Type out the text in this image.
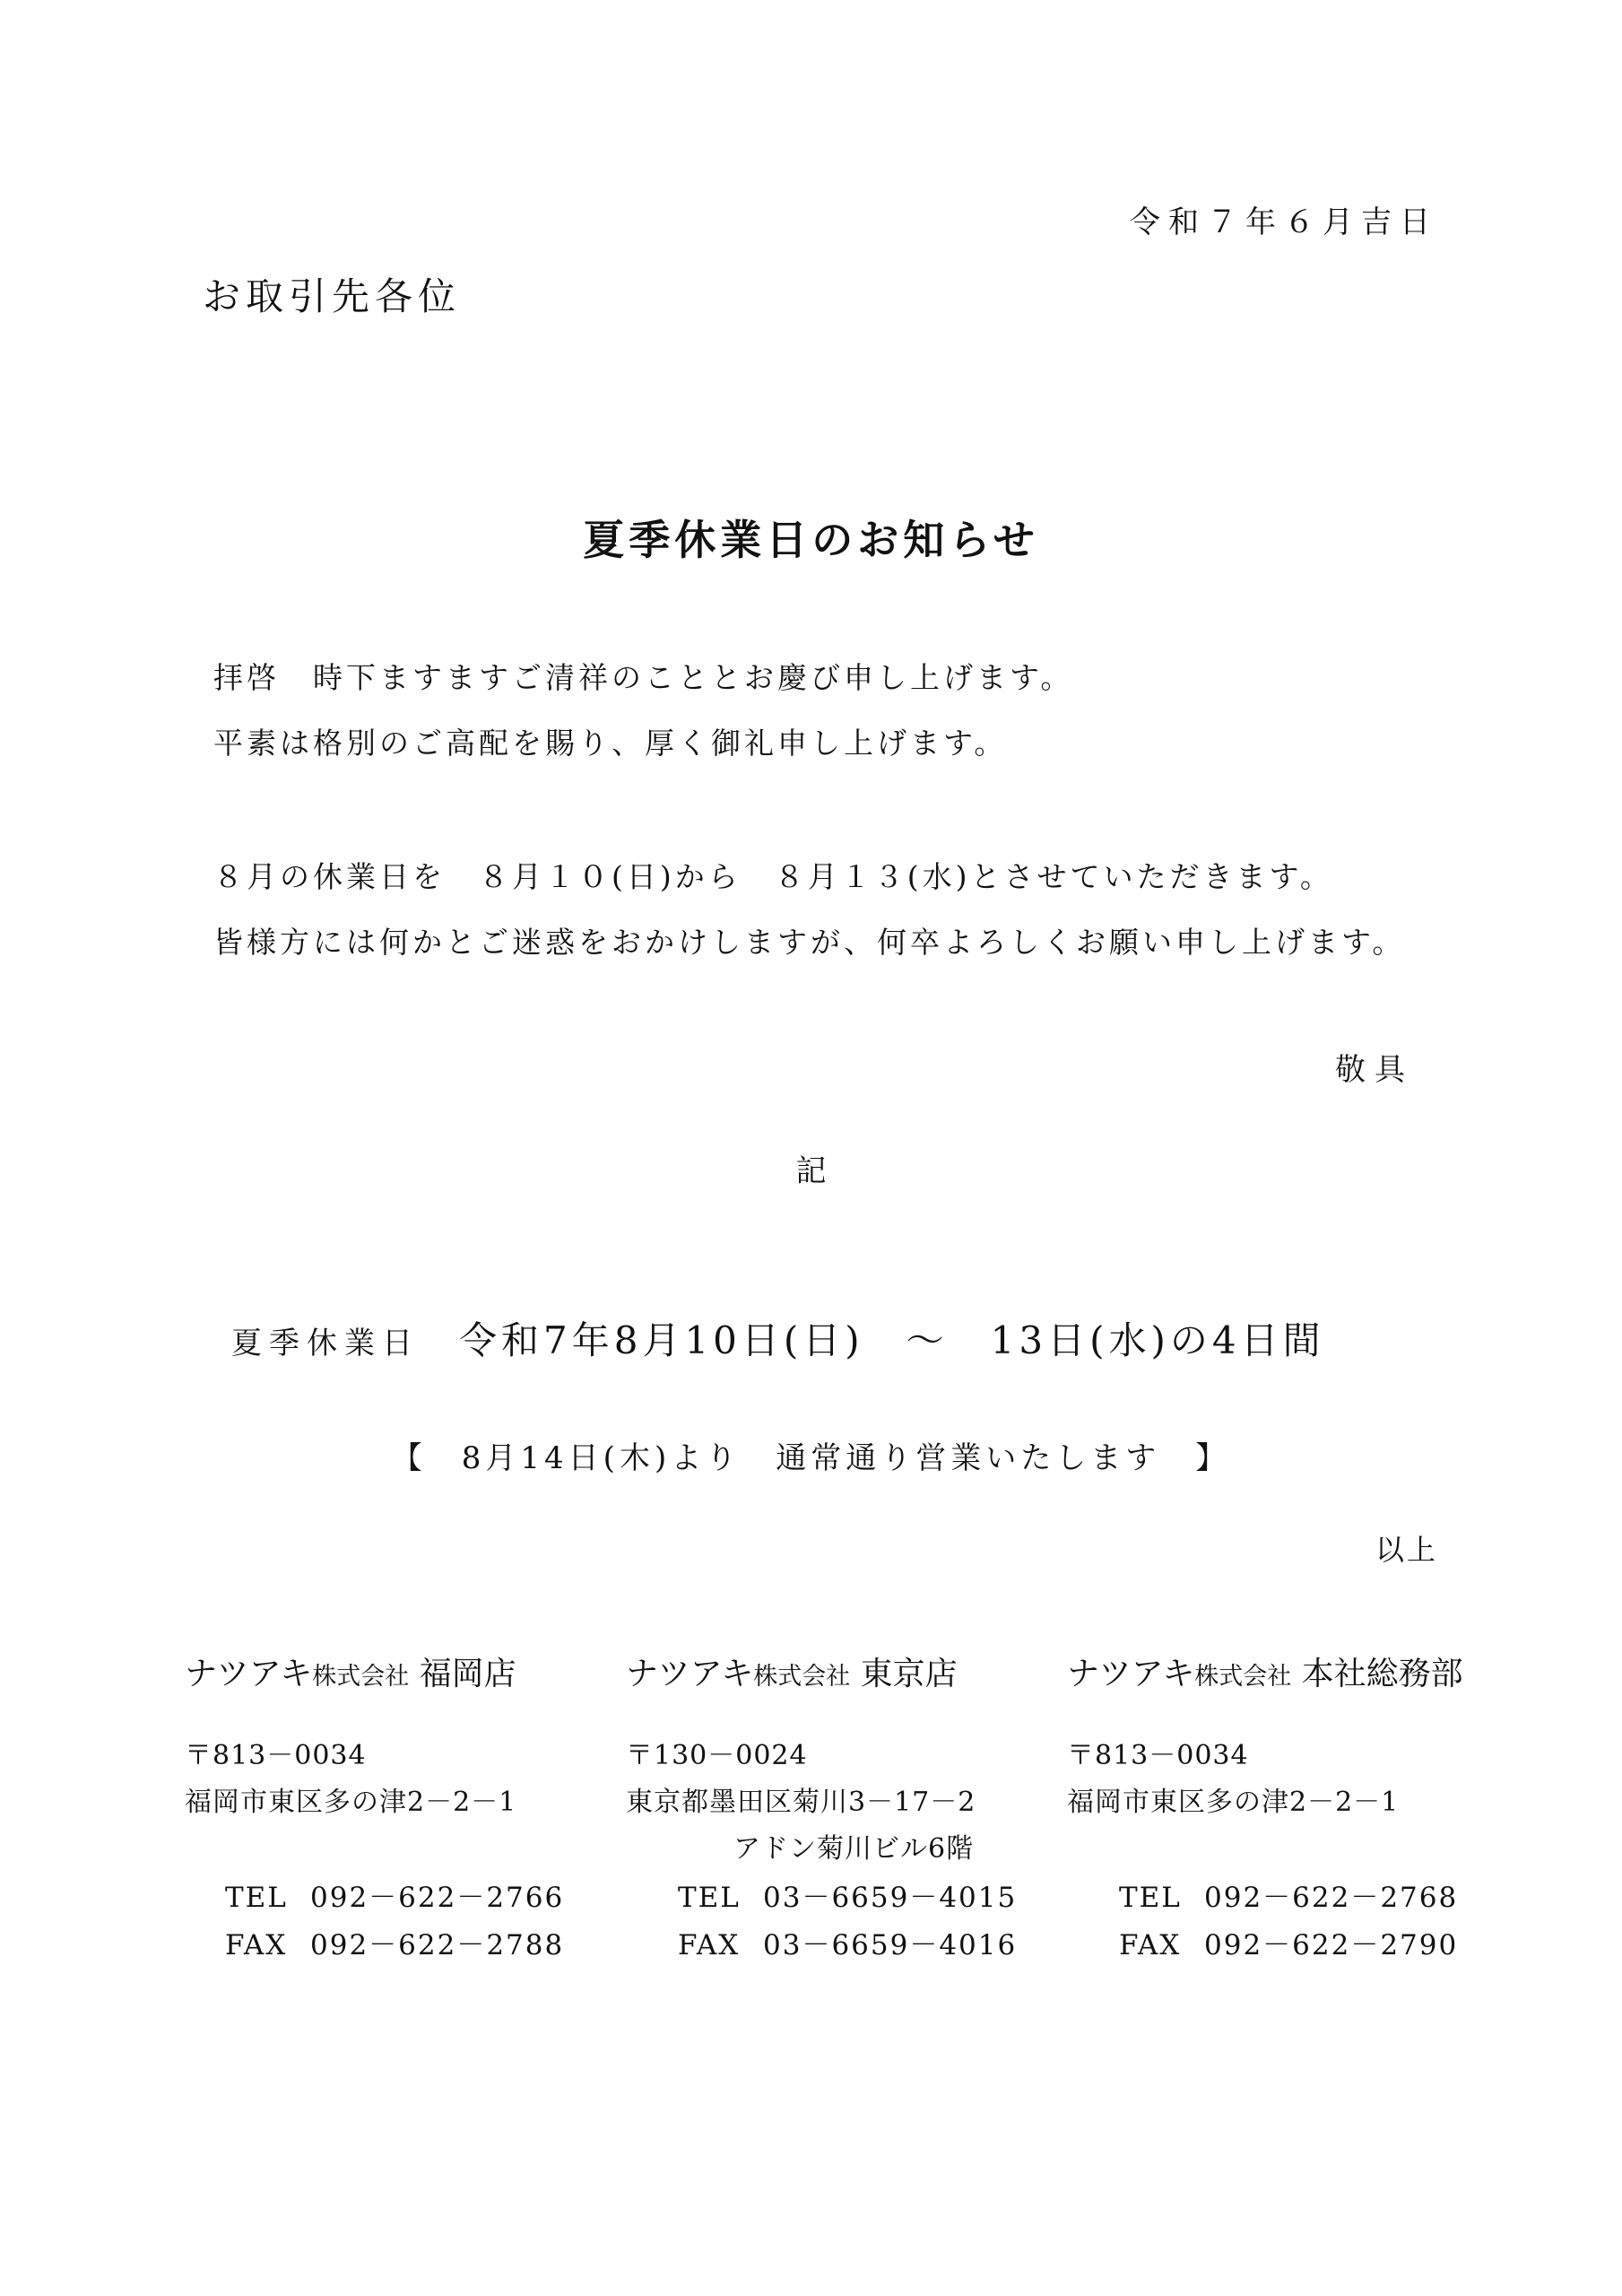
令和７年６月吉日
お取引先各位
夏季休業日のお知らせ
拝啓　時下ますますご清祥のこととお慶び申し上げます。
平素は格別のご高配を賜り、厚く御礼申し上げます。
８月の休業日を　８月１０(日)から　８月１３(水)とさせていただきます。
皆様方には何かとご迷惑をおかけしますが、何卒よろしくお願い申し上げます。
敬具
記
夏季休業日 令和7年8月10日(日)　～　13日(水)の4日間
【　8月14日(木)より　通常通り営業いたします　】
以上
ナツアキ株式会社 福岡店
〒813－0034
福岡市東区多の津2－2－1
TEL 092－622－2766
FAX 092－622－2788
ナツアキ株式会社 東京店
〒130－0024
東京都墨田区菊川3－17－2
アドン菊川ビル6階
TEL 03－6659－4015
FAX 03－6659－4016
ナツアキ株式会社 本社総務部
〒813－0034
福岡市東区多の津2－2－1
TEL 092－622－2768
FAX 092－622－2790
